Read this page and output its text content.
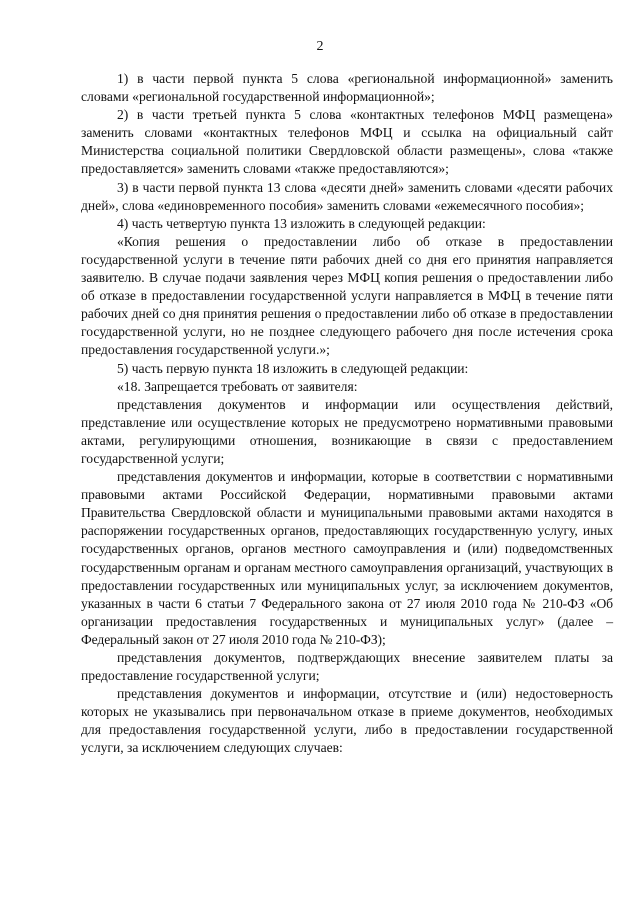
2

1) в части первой пункта 5 слова «региональной информационной» заменить словами «региональной государственной информационной»;

2) в части третьей пункта 5 слова «контактных телефонов МФЦ размещена» заменить словами «контактных телефонов МФЦ и ссылка на официальный сайт Министерства социальной политики Свердловской области размещены», слова «также предоставляется» заменить словами «также предоставляются»;

3) в части первой пункта 13 слова «десяти дней» заменить словами «десяти рабочих дней», слова «единовременного пособия» заменить словами «ежемесячного пособия»;

4) часть четвертую пункта 13 изложить в следующей редакции:

«Копия решения о предоставлении либо об отказе в предоставлении государственной услуги в течение пяти рабочих дней со дня его принятия направляется заявителю. В случае подачи заявления через МФЦ копия решения о предоставлении либо об отказе в предоставлении государственной услуги направляется в МФЦ в течение пяти рабочих дней со дня принятия решения о предоставлении либо об отказе в предоставлении государственной услуги, но не позднее следующего рабочего дня после истечения срока предоставления государственной услуги.»;

5) часть первую пункта 18 изложить в следующей редакции:

«18. Запрещается требовать от заявителя:

представления документов и информации или осуществления действий, представление или осуществление которых не предусмотрено нормативными правовыми актами, регулирующими отношения, возникающие в связи с предоставлением государственной услуги;

представления документов и информации, которые в соответствии с нормативными правовыми актами Российской Федерации, нормативными правовыми актами Правительства Свердловской области и муниципальными правовыми актами находятся в распоряжении государственных органов, предоставляющих государственную услугу, иных государственных органов, органов местного самоуправления и (или) подведомственных государственным органам и органам местного самоуправления организаций, участвующих в предоставлении государственных или муниципальных услуг, за исключением документов, указанных в части 6 статьи 7 Федерального закона от 27 июля 2010 года № 210-ФЗ «Об организации предоставления государственных и муниципальных услуг» (далее – Федеральный закон от 27 июля 2010 года № 210-ФЗ);

представления документов, подтверждающих внесение заявителем платы за предоставление государственной услуги;

представления документов и информации, отсутствие и (или) недостоверность которых не указывались при первоначальном отказе в приеме документов, необходимых для предоставления государственной услуги, либо в предоставлении государственной услуги, за исключением следующих случаев:
